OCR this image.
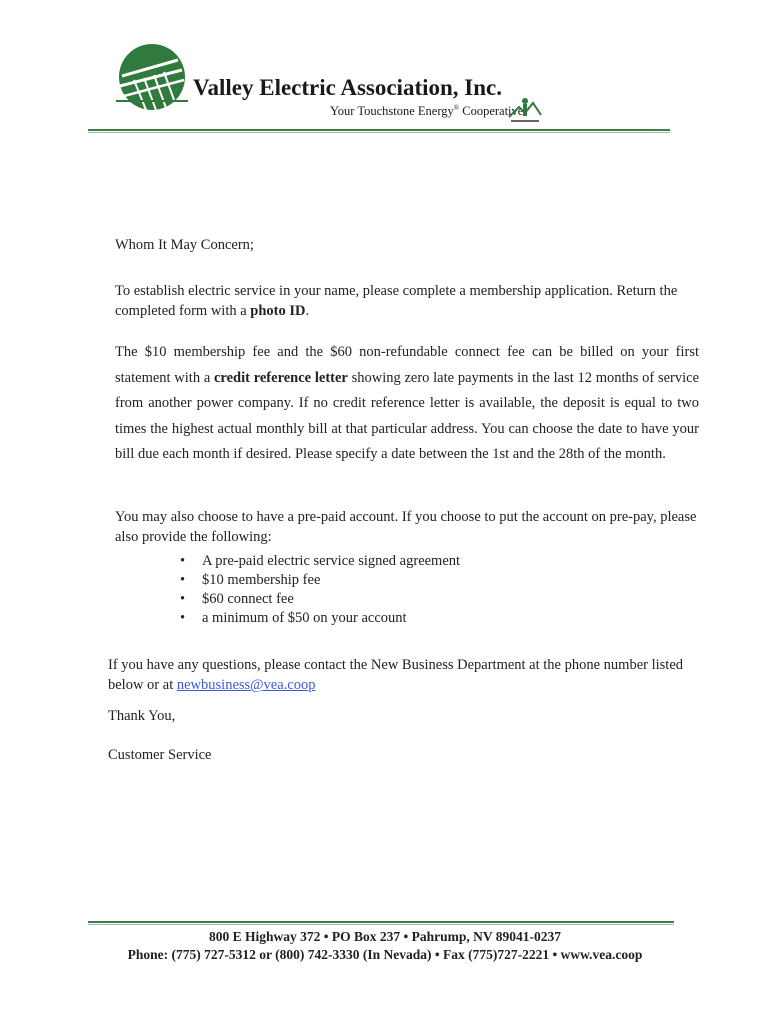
Valley Electric Association, Inc.
Your Touchstone Energy® Cooperative
Whom It May Concern;
To establish electric service in your name, please complete a membership application. Return the completed form with a photo ID.
The $10 membership fee and the $60 non-refundable connect fee can be billed on your first statement with a credit reference letter showing zero late payments in the last 12 months of service from another power company. If no credit reference letter is available, the deposit is equal to two times the highest actual monthly bill at that particular address. You can choose the date to have your bill due each month if desired. Please specify a date between the 1st and the 28th of the month.
You may also choose to have a pre-paid account. If you choose to put the account on pre-pay, please also provide the following:
• A pre-paid electric service signed agreement
• $10 membership fee
• $60 connect fee
• a minimum of $50 on your account
If you have any questions, please contact the New Business Department at the phone number listed below or at newbusiness@vea.coop
Thank You,
Customer Service
800 E Highway 372 • PO Box 237 • Pahrump, NV 89041-0237
Phone: (775) 727-5312 or (800) 742-3330 (In Nevada) • Fax (775)727-2221 • www.vea.coop
